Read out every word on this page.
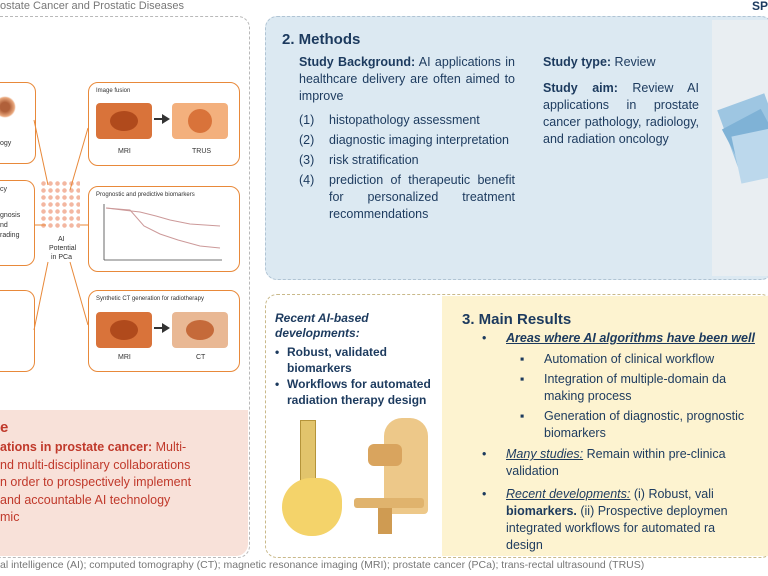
ostate Cancer and Prostatic Diseases	SP
ogy
cy
gnosis
nd
rading
AI
Potential
in PCa
Image fusion
MRI	TRUS
Prognostic and predictive biomarkers
Synthetic CT generation for radiotherapy
MRI	CT
e
ations in prostate cancer: Multi-
nd multi-disciplinary collaborations
n order to prospectively implement
and accountable AI technology
mic
2. Methods
Study Background: AI applications in healthcare delivery are often aimed to improve
(1)	histopathology assessment
(2)	diagnostic imaging interpretation
(3)	risk stratification
(4)	prediction of therapeutic benefit for personalized treatment recommendations
Study type: Review
Study aim: Review AI applications in prostate cancer pathology, radiology, and radiation oncology
Recent AI-based developments:
• Robust, validated biomarkers
• Workflows for automated radiation therapy design
3. Main Results
• Areas where AI algorithms have been well
▪ Automation of clinical workflow
▪ Integration of multiple-domain da
making process
▪ Generation of diagnostic, prognostic
biomarkers
• Many studies: Remain within pre-clinica
validation
• Recent developments: (i) Robust, vali
biomarkers. (ii) Prospective deploymen
integrated workflows for automated ra
design
al intelligence (AI); computed tomography (CT); magnetic resonance imaging (MRI); prostate cancer (PCa); trans-rectal ultrasound (TRUS)
